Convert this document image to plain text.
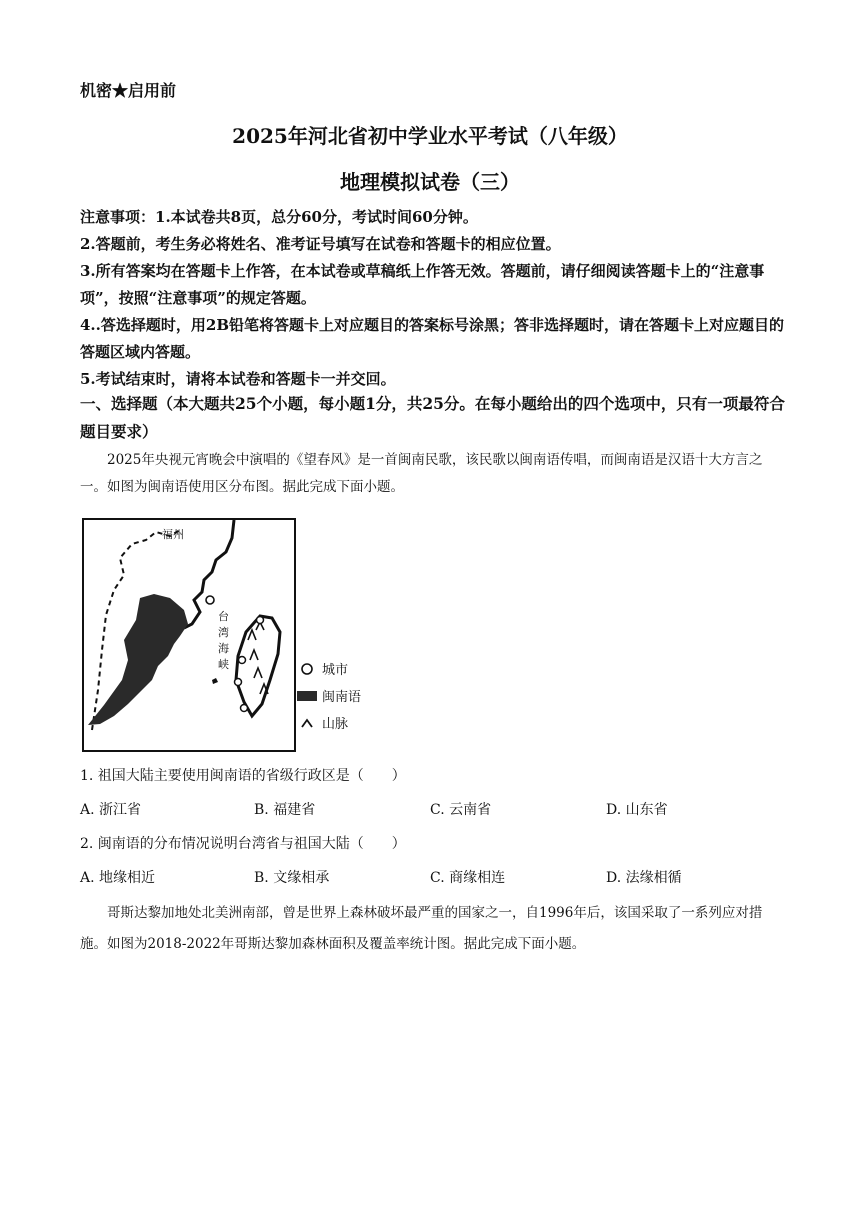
机密★启用前
2025年河北省初中学业水平考试（八年级）
地理模拟试卷（三）

注意事项：1.本试卷共8页，总分60分，考试时间60分钟。

2.答题前，考生务必将姓名、准考证号填写在试卷和答题卡的相应位置。

3.所有答案均在答题卡上作答，在本试卷或草稿纸上作答无效。答题前，请仔细阅读答题卡上的“注意事项”，按照“注意事项”的规定答题。

4..答选择题时，用2B铅笔将答题卡上对应题目的答案标号涂黑；答非选择题时，请在答题卡上对应题目的答题区域内答题。

5.考试结束时，请将本试卷和答题卡一并交回。

一、选择题（本大题共25个小题，每小题1分，共25分。在每小题给出的四个选项中，只有一项最符合题目要求）

2025年央视元宵晚会中演唱的《望春风》是一首闽南民歌，该民歌以闽南语传唱，而闽南语是汉语十大方言之一。如图为闽南语使用区分布图。据此完成下面小题。
福州
台
湾
海
峡	城市
闽南语
山脉
1. 祖国大陆主要使用闽南语的省级行政区是（　　）
A. 浙江省	B. 福建省	C. 云南省	D. 山东省
2. 闽南语的分布情况说明台湾省与祖国大陆（　　）
A. 地缘相近	B. 文缘相承	C. 商缘相连	D. 法缘相循
哥斯达黎加地处北美洲南部，曾是世界上森林破坏最严重的国家之一，自1996年后，该国采取了一系列应对措施。如图为2018-2022年哥斯达黎加森林面积及覆盖率统计图。据此完成下面小题。
